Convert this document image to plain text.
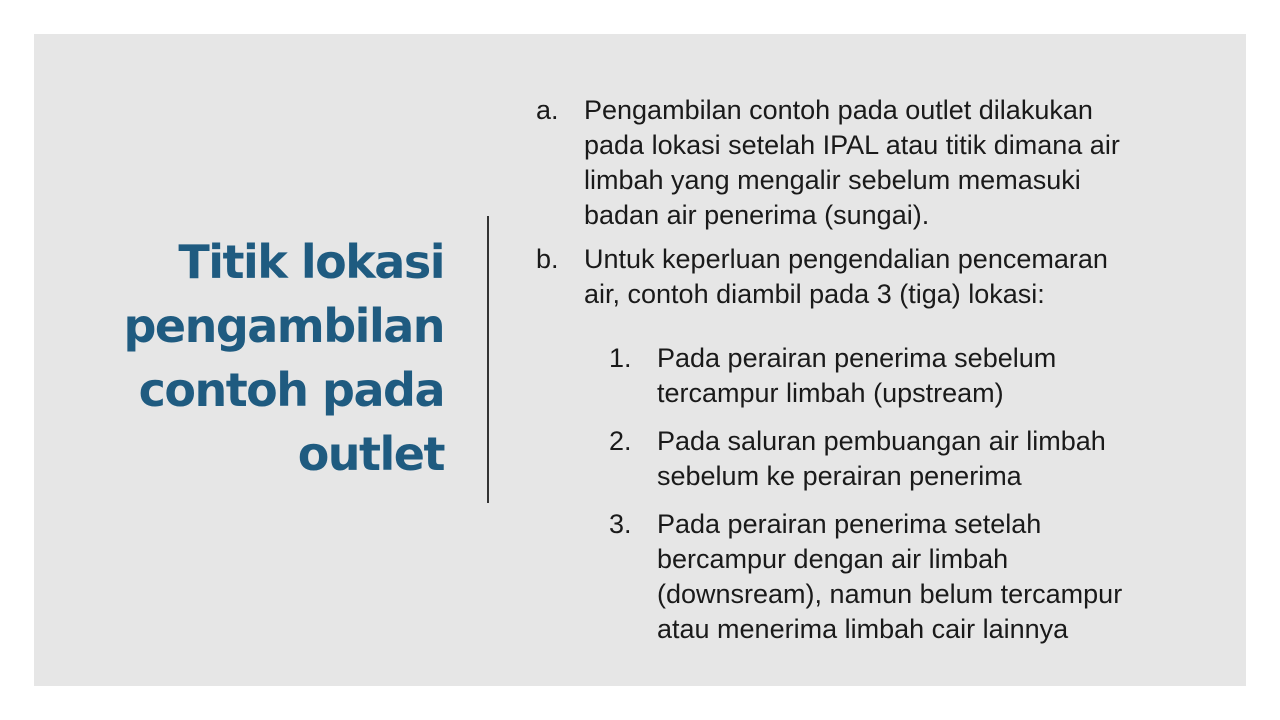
Titik lokasi
pengambilan
contoh pada
outlet
a. Pengambilan contoh pada outlet dilakukan
pada lokasi setelah IPAL atau titik dimana air
limbah yang mengalir sebelum memasuki
badan air penerima (sungai).
b. Untuk keperluan pengendalian pencemaran
air, contoh diambil pada 3 (tiga) lokasi:
1. Pada perairan penerima sebelum
tercampur limbah (upstream)
2. Pada saluran pembuangan air limbah
sebelum ke perairan penerima
3. Pada perairan penerima setelah
bercampur dengan air limbah
(downsream), namun belum tercampur
atau menerima limbah cair lainnya
